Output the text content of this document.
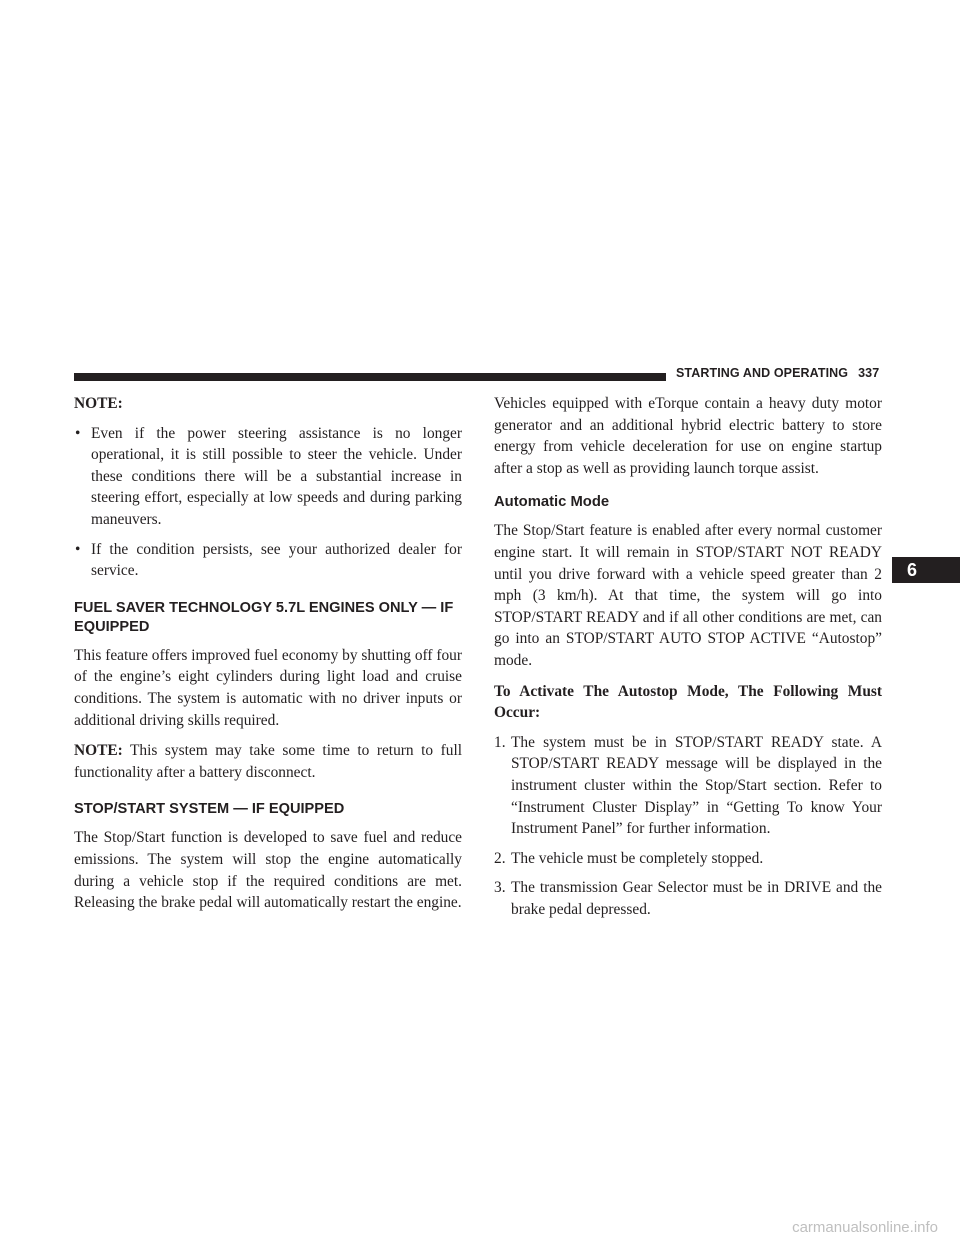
STARTING AND OPERATING 337
6

NOTE:

• Even if the power steering assistance is no longer operational, it is still possible to steer the vehicle. Under these conditions there will be a substantial increase in steering effort, especially at low speeds and during parking maneuvers.
• If the condition persists, see your authorized dealer for service.
FUEL SAVER TECHNOLOGY 5.7L ENGINES ONLY — IF EQUIPPED

This feature offers improved fuel economy by shutting off four of the engine’s eight cylinders during light load and cruise conditions. The system is automatic with no driver inputs or additional driving skills required.

NOTE: This system may take some time to return to full functionality after a battery disconnect.

STOP/START SYSTEM — IF EQUIPPED

The Stop/Start function is developed to save fuel and reduce emissions. The system will stop the engine automatically during a vehicle stop if the required conditions are met. Releasing the brake pedal will automatically restart the engine.

Vehicles equipped with eTorque contain a heavy duty motor generator and an additional hybrid electric battery to store energy from vehicle deceleration for use on engine startup after a stop as well as providing launch torque assist.

Automatic Mode

The Stop/Start feature is enabled after every normal customer engine start. It will remain in STOP/START NOT READY until you drive forward with a vehicle speed greater than 2 mph (3 km/h). At that time, the system will go into STOP/START READY and if all other conditions are met, can go into an STOP/START AUTO STOP ACTIVE “Autostop” mode.

To Activate The Autostop Mode, The Following Must Occur:

1. The system must be in STOP/START READY state. A STOP/START READY message will be displayed in the instrument cluster within the Stop/Start section. Refer to “Instrument Cluster Display” in “Getting To know Your Instrument Panel” for further information.
2. The vehicle must be completely stopped.
3. The transmission Gear Selector must be in DRIVE and the brake pedal depressed.
carmanualsonline.info
